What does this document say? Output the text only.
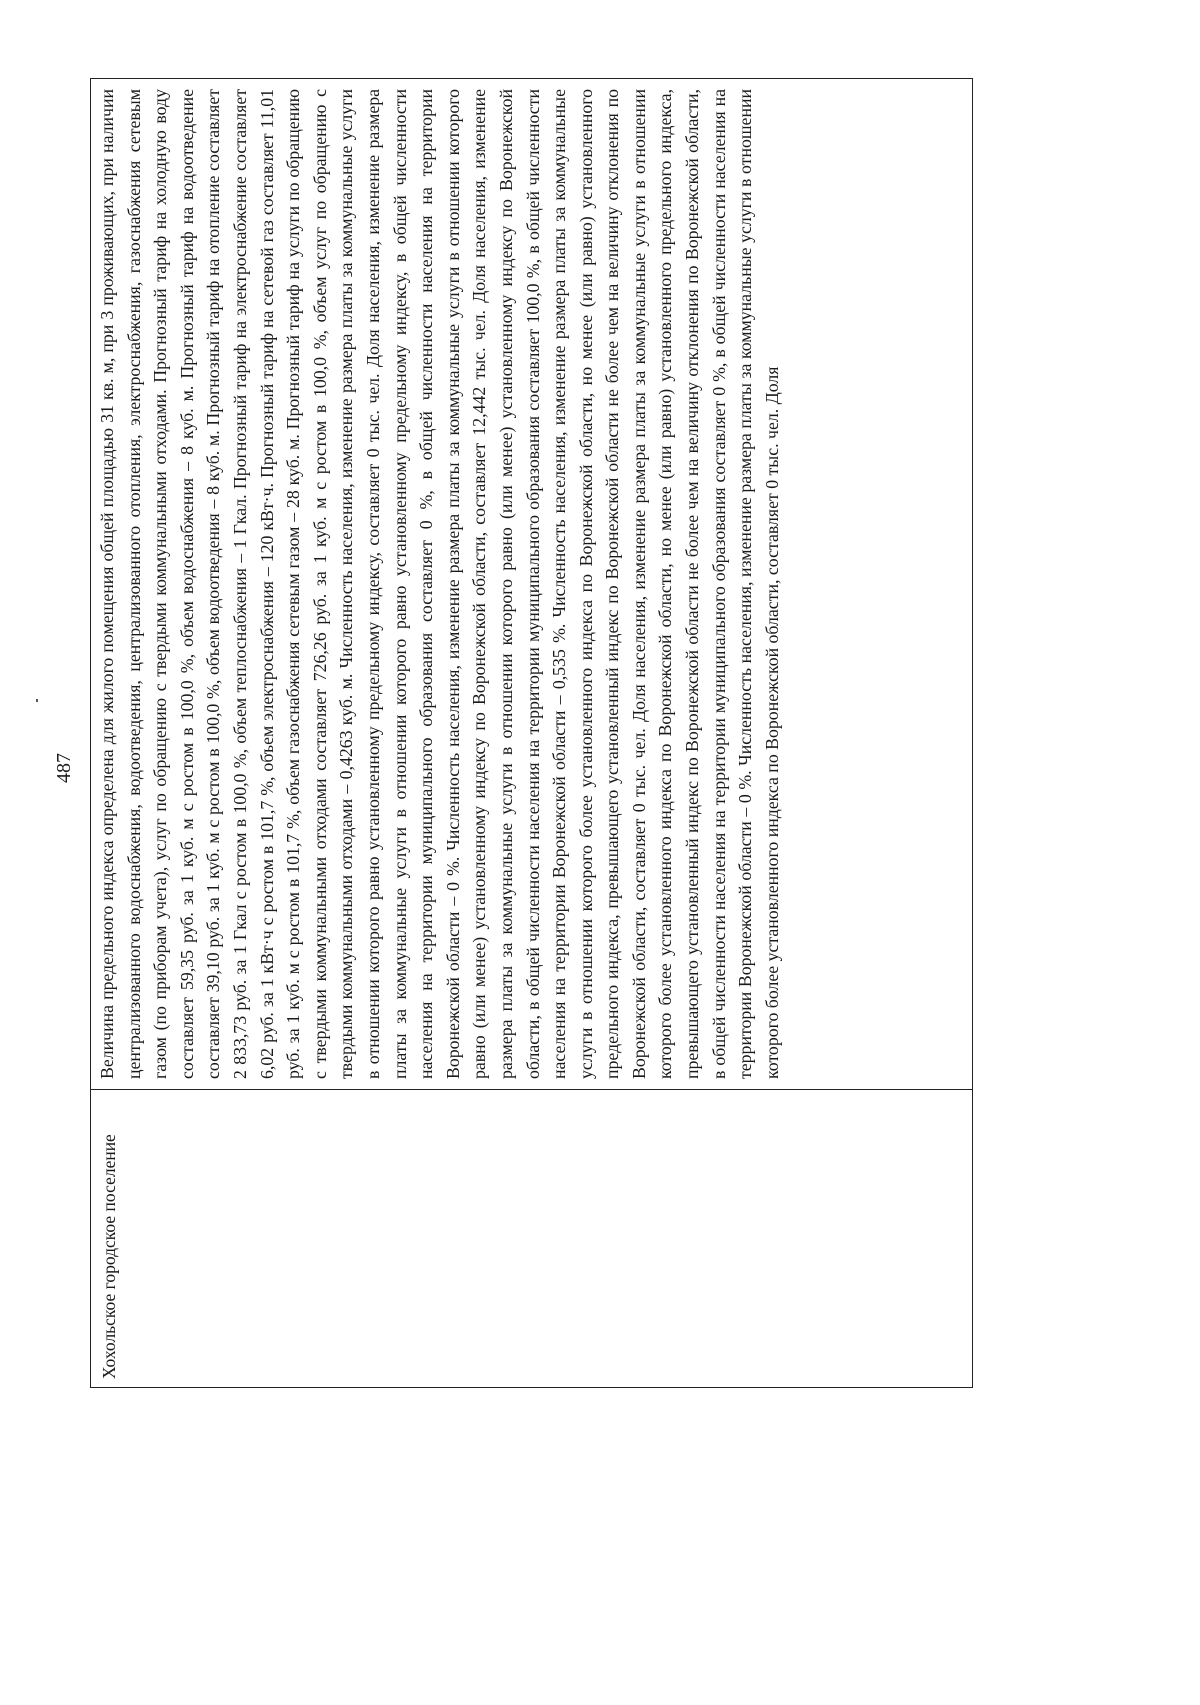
487
Хохольское городское поселение
Величина предельного индекса определена для жилого помещения общей площадью 31 кв. м, при 3 проживающих, при наличии централизованного водоснабжения, водоотведения, централизованного отопления, электроснабжения, газоснабжения сетевым газом (по приборам учета), услуг по обращению с твердыми коммунальными отходами. Прогнозный тариф на холодную воду составляет 59,35 руб. за 1 куб. м с ростом в 100,0 %, объем водоснабжения – 8 куб. м. Прогнозный тариф на водоотведение составляет 39,10 руб. за 1 куб. м с ростом в 100,0 %, объем водоотведения – 8 куб. м. Прогнозный тариф на отопление составляет 2 833,73 руб. за 1 Гкал с ростом в 100,0 %, объем теплоснабжения – 1 Гкал. Прогнозный тариф на электроснабжение составляет 6,02 руб. за 1 кВт·ч с ростом в 101,7 %, объем электроснабжения – 120 кВт·ч. Прогнозный тариф на сетевой газ составляет 11,01 руб. за 1 куб. м с ростом в 101,7 %, объем газоснабжения сетевым газом – 28 куб. м. Прогнозный тариф на услуги по обращению с твердыми коммунальными отходами составляет 726,26 руб. за 1 куб. м с ростом в 100,0 %, объем услуг по обращению с твердыми коммунальными отходами – 0,4263 куб. м. Численность населения, изменение размера платы за коммунальные услуги в отношении которого равно установленному предельному индексу, составляет 0 тыс. чел. Доля населения, изменение размера платы за коммунальные услуги в отношении которого равно установленному предельному индексу, в общей численности населения на территории муниципального образования составляет 0 %, в общей численности населения на территории Воронежской области – 0 %. Численность населения, изменение размера платы за коммунальные услуги в отношении которого равно (или менее) установленному индексу по Воронежской области, составляет 12,442 тыс. чел. Доля населения, изменение размера платы за коммунальные услуги в отношении которого равно (или менее) установленному индексу по Воронежской области, в общей численности населения на территории муниципального образования составляет 100,0 %, в общей численности населения на территории Воронежской области – 0,535 %. Численность населения, изменение размера платы за коммунальные услуги в отношении которого более установленного индекса по Воронежской области, но менее (или равно) установленного предельного индекса, превышающего установленный индекс по Воронежской области не более чем на величину отклонения по Воронежской области, составляет 0 тыс. чел. Доля населения, изменение размера платы за коммунальные услуги в отношении которого более установленного индекса по Воронежской области, но менее (или равно) установленного предельного индекса, превышающего установленный индекс по Воронежской области не более чем на величину отклонения по Воронежской области, в общей численности населения на территории муниципального образования составляет 0 %, в общей численности населения на территории Воронежской области – 0 %. Численность населения, изменение размера платы за коммунальные услуги в отношении которого более установленного индекса по Воронежской области, составляет 0 тыс. чел. Доля
